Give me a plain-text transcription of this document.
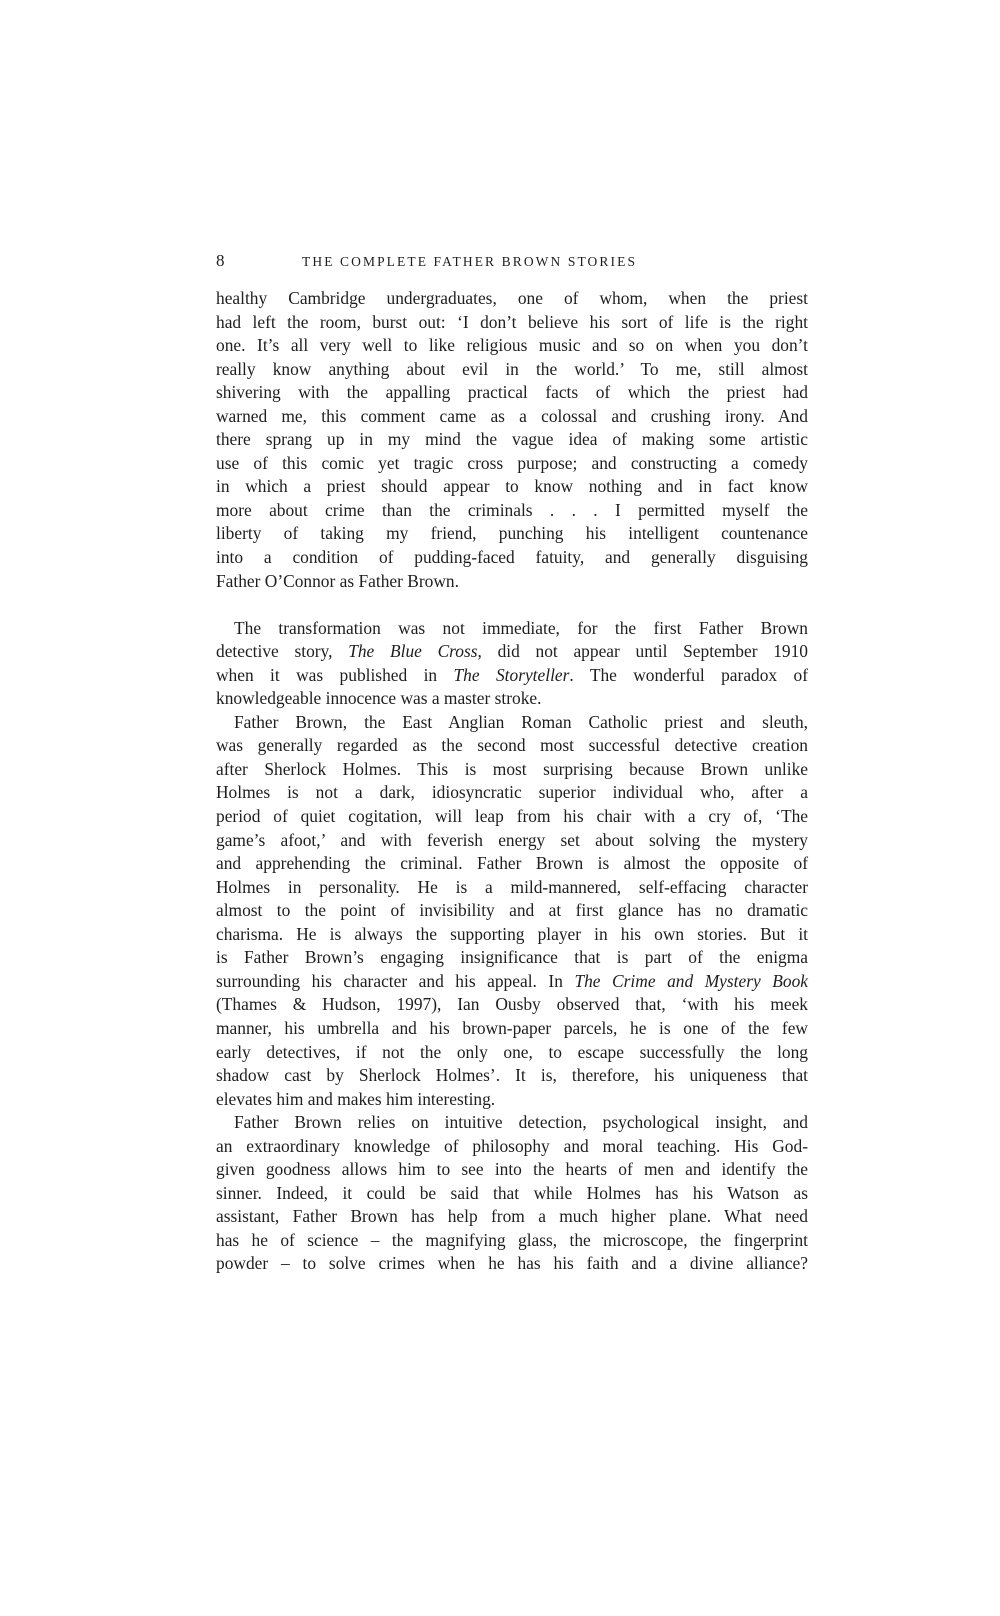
8	THE COMPLETE FATHER BROWN STORIES
healthy Cambridge undergraduates, one of whom, when the priest
had left the room, burst out: ‘I don’t believe his sort of life is the right
one. It’s all very well to like religious music and so on when you don’t
really know anything about evil in the world.’ To me, still almost
shivering with the appalling practical facts of which the priest had
warned me, this comment came as a colossal and crushing irony. And
there sprang up in my mind the vague idea of making some artistic
use of this comic yet tragic cross purpose; and constructing a comedy
in which a priest should appear to know nothing and in fact know
more about crime than the criminals . . . I permitted myself the
liberty of taking my friend, punching his intelligent countenance
into a condition of pudding-faced fatuity, and generally disguising
Father O’Connor as Father Brown.
The transformation was not immediate, for the first Father Brown
detective story, The Blue Cross, did not appear until September 1910
when it was published in The Storyteller. The wonderful paradox of
knowledgeable innocence was a master stroke.
Father Brown, the East Anglian Roman Catholic priest and sleuth,
was generally regarded as the second most successful detective creation
after Sherlock Holmes. This is most surprising because Brown unlike
Holmes is not a dark, idiosyncratic superior individual who, after a
period of quiet cogitation, will leap from his chair with a cry of, ‘The
game’s afoot,’ and with feverish energy set about solving the mystery
and apprehending the criminal. Father Brown is almost the opposite of
Holmes in personality. He is a mild-mannered, self-effacing character
almost to the point of invisibility and at first glance has no dramatic
charisma. He is always the supporting player in his own stories. But it
is Father Brown’s engaging insignificance that is part of the enigma
surrounding his character and his appeal. In The Crime and Mystery Book
(Thames & Hudson, 1997), Ian Ousby observed that, ‘with his meek
manner, his umbrella and his brown-paper parcels, he is one of the few
early detectives, if not the only one, to escape successfully the long
shadow cast by Sherlock Holmes’. It is, therefore, his uniqueness that
elevates him and makes him interesting.
Father Brown relies on intuitive detection, psychological insight, and
an extraordinary knowledge of philosophy and moral teaching. His God-
given goodness allows him to see into the hearts of men and identify the
sinner. Indeed, it could be said that while Holmes has his Watson as
assistant, Father Brown has help from a much higher plane. What need
has he of science – the magnifying glass, the microscope, the fingerprint
powder – to solve crimes when he has his faith and a divine alliance?
